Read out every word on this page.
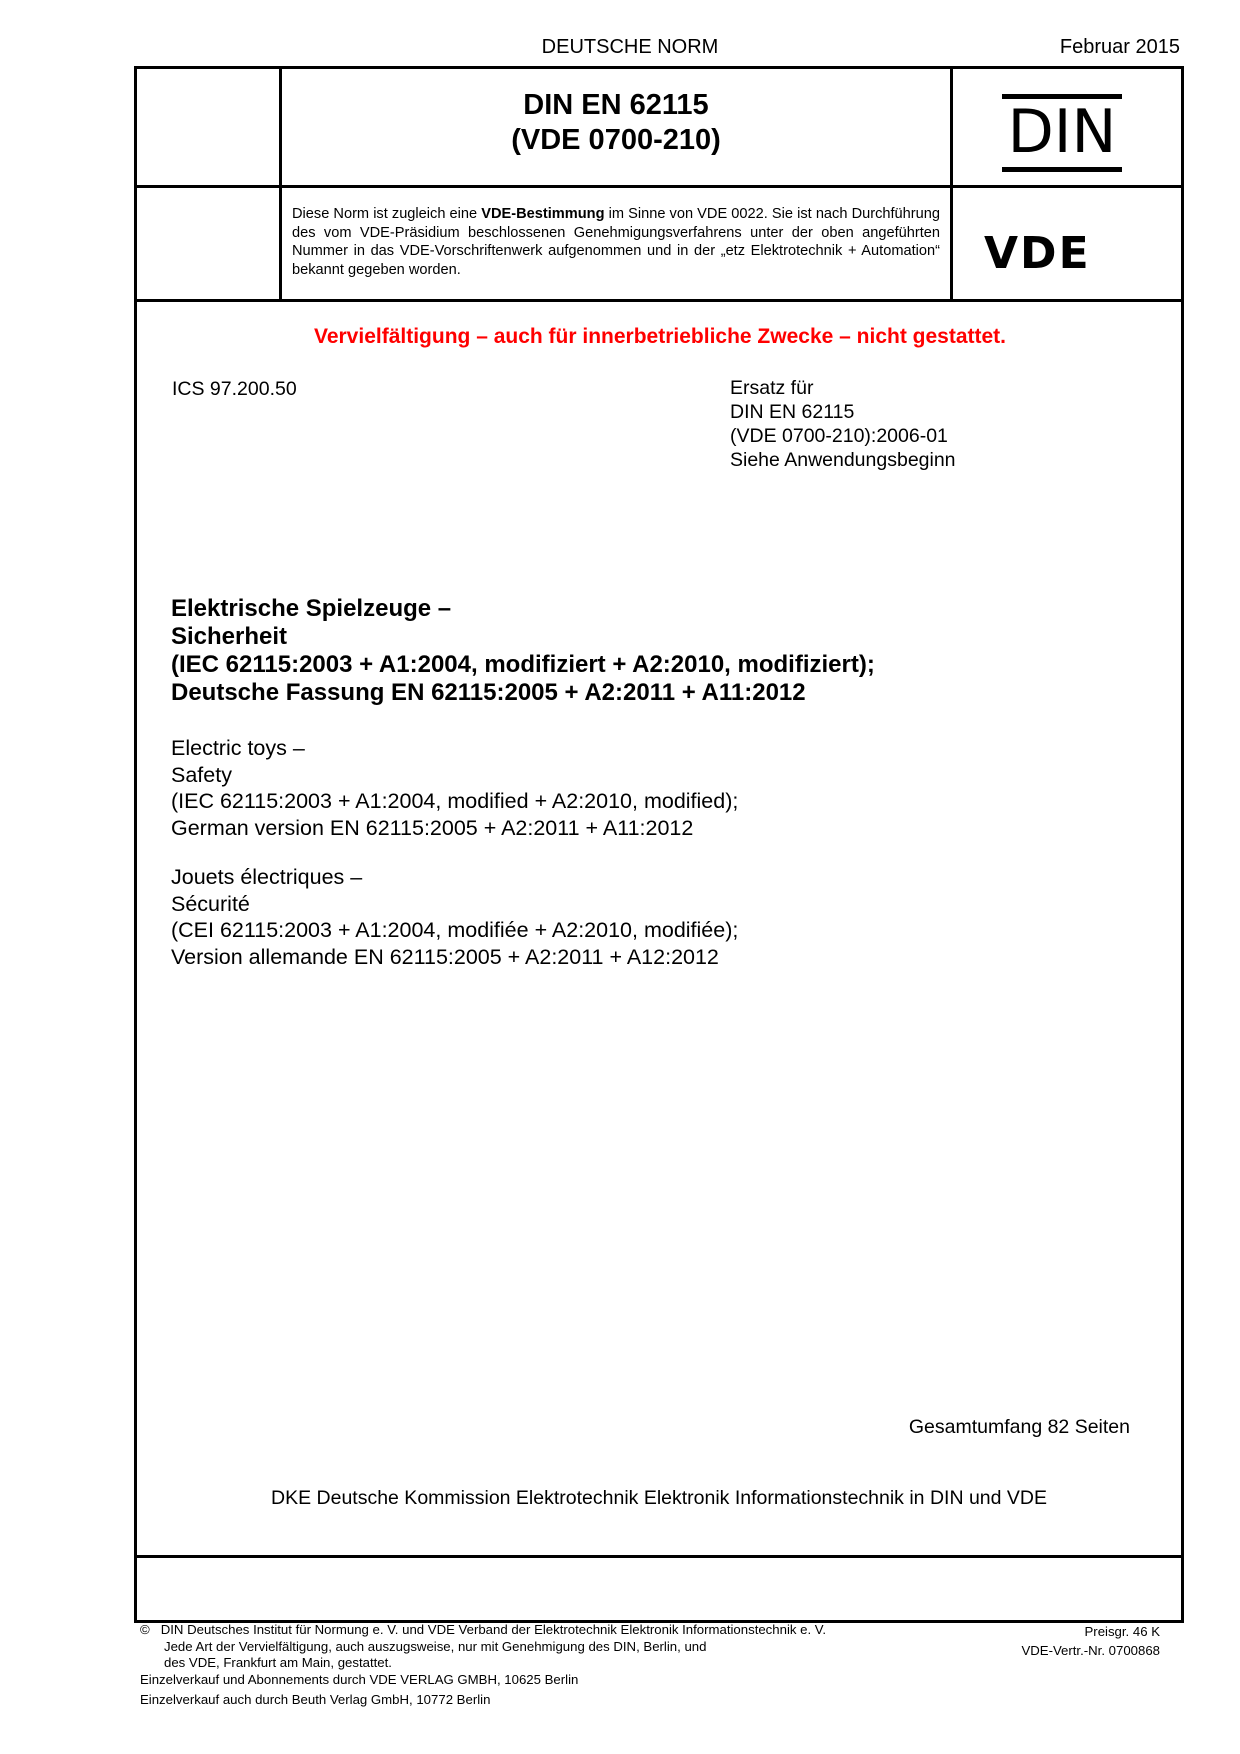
DEUTSCHE NORM	Februar 2015
DIN EN 62115
(VDE 0700-210)	DIN
Diese Norm ist zugleich eine VDE-Bestimmung im Sinne von VDE 0022. Sie ist nach Durchführung des vom VDE-Präsidium beschlossenen Genehmigungsverfahrens unter der oben angeführten Nummer in das VDE-Vorschriftenwerk aufgenommen und in der „etz Elektrotechnik + Automation“ bekannt gegeben worden.	VDE
Vervielfältigung – auch für innerbetriebliche Zwecke – nicht gestattet.
ICS 97.200.50	Ersatz für
DIN EN 62115
(VDE 0700-210):2006-01
Siehe Anwendungsbeginn
Elektrische Spielzeuge –
Sicherheit
(IEC 62115:2003 + A1:2004, modifiziert + A2:2010, modifiziert);
Deutsche Fassung EN 62115:2005 + A2:2011 + A11:2012
Electric toys –
Safety
(IEC 62115:2003 + A1:2004, modified + A2:2010, modified);
German version EN 62115:2005 + A2:2011 + A11:2012
Jouets électriques –
Sécurité
(CEI 62115:2003 + A1:2004, modifiée + A2:2010, modifiée);
Version allemande EN 62115:2005 + A2:2011 + A12:2012
Gesamtumfang 82 Seiten
DKE Deutsche Kommission Elektrotechnik Elektronik Informationstechnik in DIN und VDE
© DIN Deutsches Institut für Normung e. V. und VDE Verband der Elektrotechnik Elektronik Informationstechnik e. V.
Jede Art der Vervielfältigung, auch auszugsweise, nur mit Genehmigung des DIN, Berlin, und
des VDE, Frankfurt am Main, gestattet.
Preisgr. 46 K
VDE-Vertr.-Nr. 0700868
Einzelverkauf und Abonnements durch VDE VERLAG GMBH, 10625 Berlin
Einzelverkauf auch durch Beuth Verlag GmbH, 10772 Berlin
